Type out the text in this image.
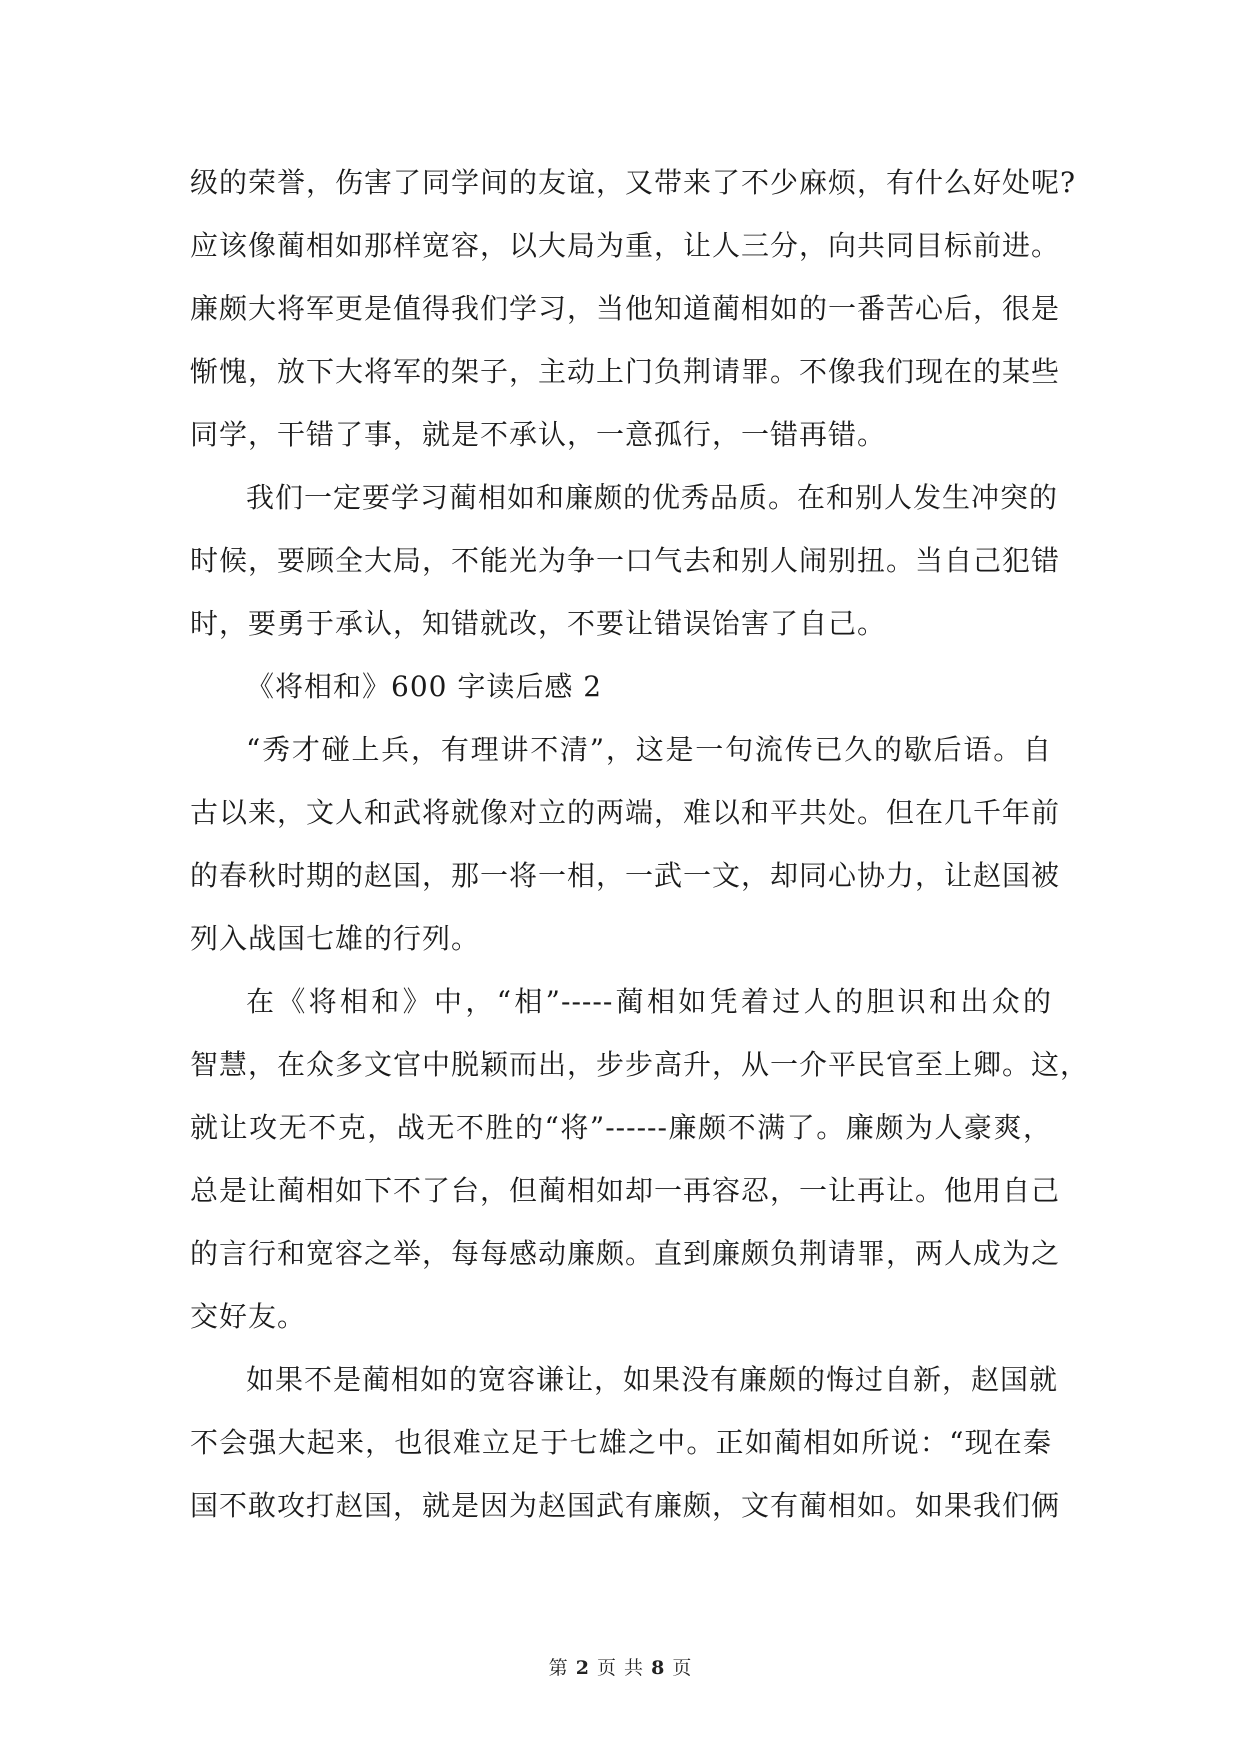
级的荣誉，伤害了同学间的友谊，又带来了不少麻烦，有什么好处呢?
应该像蔺相如那样宽容，以大局为重，让人三分，向共同目标前进。
廉颇大将军更是值得我们学习，当他知道蔺相如的一番苦心后，很是
惭愧，放下大将军的架子，主动上门负荆请罪。不像我们现在的某些
同学，干错了事，就是不承认，一意孤行，一错再错。
我们一定要学习蔺相如和廉颇的优秀品质。在和别人发生冲突的
时候，要顾全大局，不能光为争一口气去和别人闹别扭。当自己犯错
时，要勇于承认，知错就改，不要让错误饴害了自己。
《将相和》600 字读后感 2
“秀才碰上兵，有理讲不清”，这是一句流传已久的歇后语。自
古以来，文人和武将就像对立的两端，难以和平共处。但在几千年前
的春秋时期的赵国，那一将一相，一武一文，却同心协力，让赵国被
列入战国七雄的行列。
在《将相和》中，“相”-----蔺相如凭着过人的胆识和出众的
智慧，在众多文官中脱颖而出，步步高升，从一介平民官至上卿。这，
就让攻无不克，战无不胜的“将”------廉颇不满了。廉颇为人豪爽，
总是让蔺相如下不了台，但蔺相如却一再容忍，一让再让。他用自己
的言行和宽容之举，每每感动廉颇。直到廉颇负荆请罪，两人成为之
交好友。
如果不是蔺相如的宽容谦让，如果没有廉颇的悔过自新，赵国就
不会强大起来，也很难立足于七雄之中。正如蔺相如所说：“现在秦
国不敢攻打赵国，就是因为赵国武有廉颇，文有蔺相如。如果我们俩
第 2 页 共 8 页
